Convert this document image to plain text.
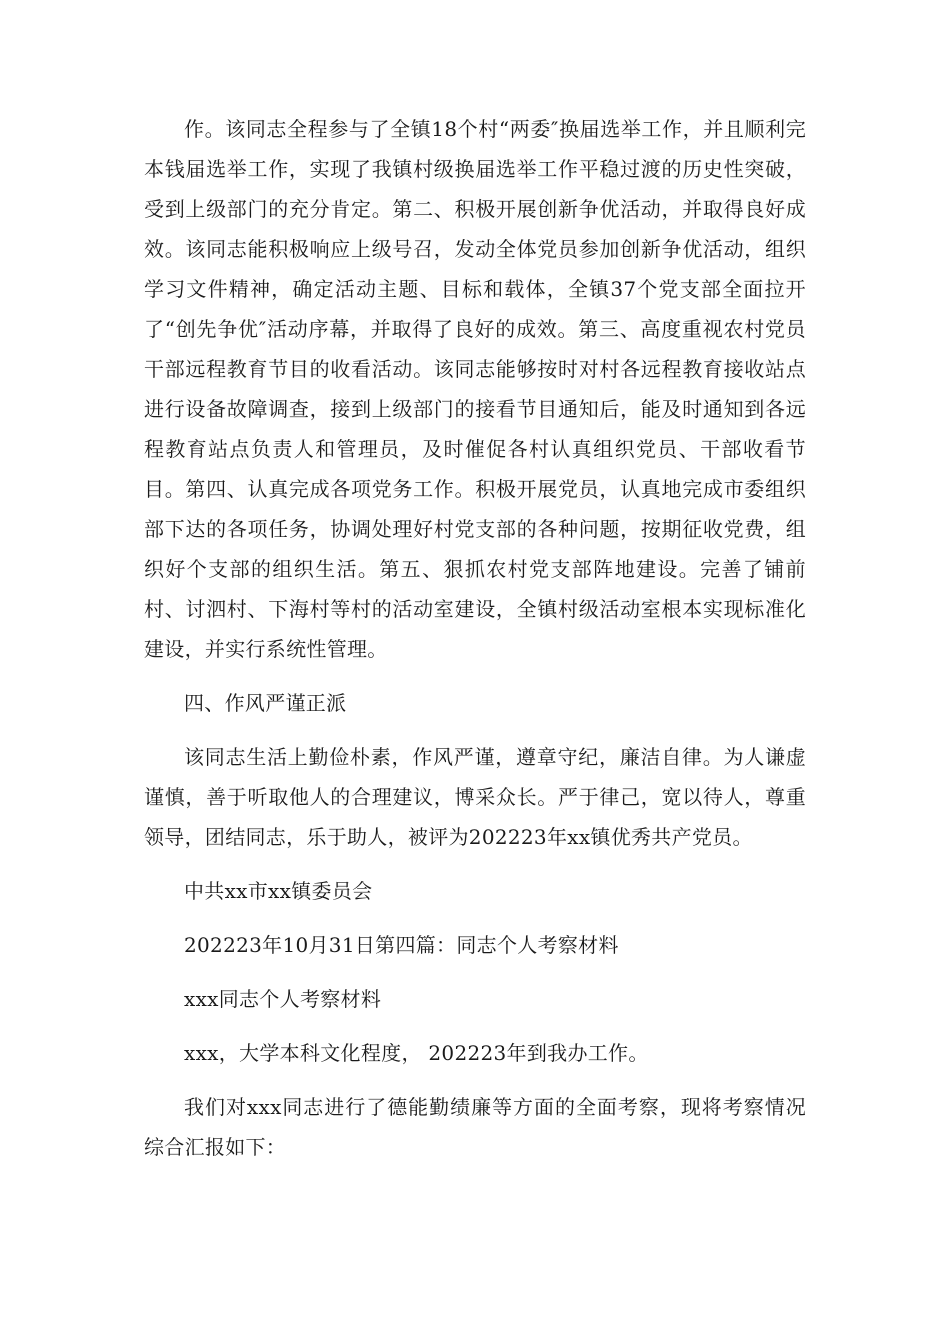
作。该同志全程参与了全镇18个村“两委″换届选举工作，并且顺利完本钱届选举工作，实现了我镇村级换届选举工作平稳过渡的历史性突破，受到上级部门的充分肯定。第二、积极开展创新争优活动，并取得良好成效。该同志能积极响应上级号召，发动全体党员参加创新争优活动，组织学习文件精神，确定活动主题、目标和载体，全镇37个党支部全面拉开了“创先争优″活动序幕，并取得了良好的成效。第三、高度重视农村党员干部远程教育节目的收看活动。该同志能够按时对村各远程教育接收站点进行设备故障调查，接到上级部门的接看节目通知后，能及时通知到各远程教育站点负责人和管理员，及时催促各村认真组织党员、干部收看节目。第四、认真完成各项党务工作。积极开展党员，认真地完成市委组织部下达的各项任务，协调处理好村党支部的各种问题，按期征收党费，组织好个支部的组织生活。第五、狠抓农村党支部阵地建设。完善了铺前村、讨泗村、下海村等村的活动室建设，全镇村级活动室根本实现标准化建设，并实行系统性管理。

四、作风严谨正派

该同志生活上勤俭朴素，作风严谨，遵章守纪，廉洁自律。为人谦虚谨慎，善于听取他人的合理建议，博采众长。严于律己，宽以待人，尊重领导，团结同志，乐于助人，被评为202223年xx镇优秀共产党员。

中共xx市xx镇委员会

202223年10月31日第四篇：同志个人考察材料

xxx同志个人考察材料

xxx，大学本科文化程度， 202223年到我办工作。

我们对xxx同志进行了德能勤绩廉等方面的全面考察，现将考察情况综合汇报如下：
